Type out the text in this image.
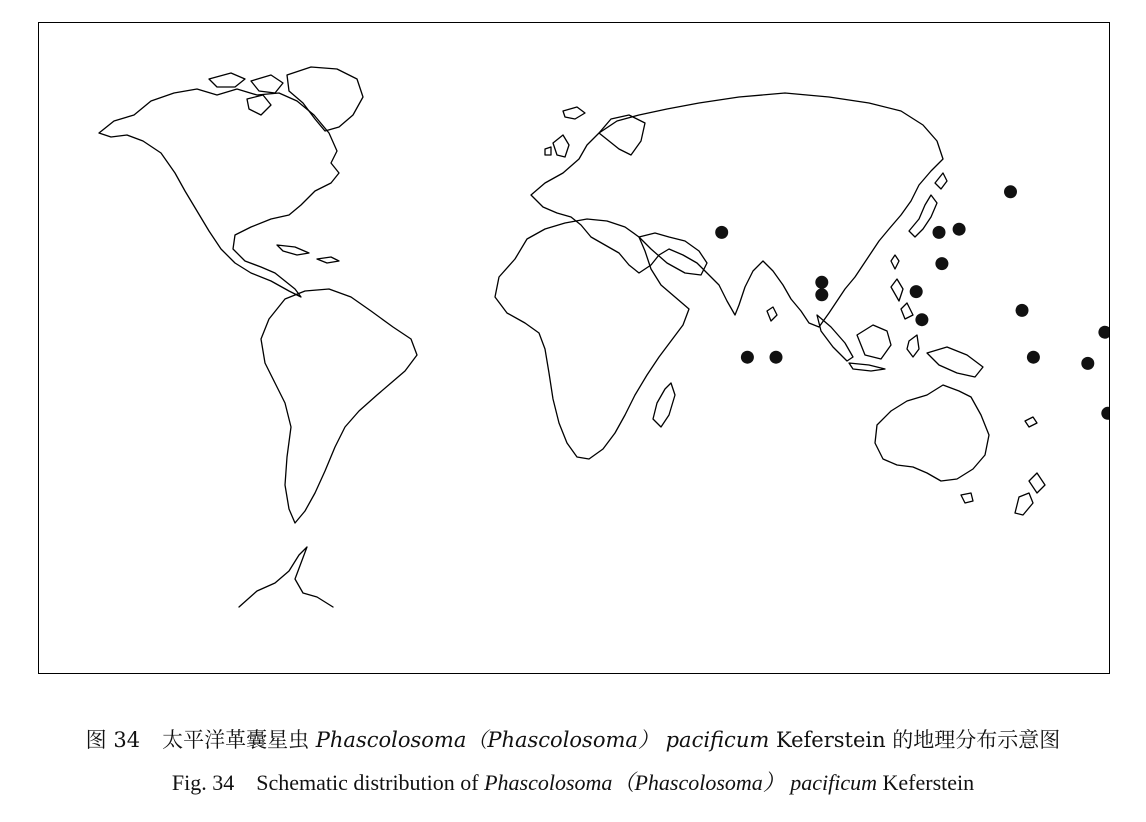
图 34 太平洋革囊星虫 Phascolosoma（Phascolosoma） pacificum Keferstein 的地理分布示意图
Fig. 34 Schematic distribution of Phascolosoma（Phascolosoma） pacificum Keferstein
